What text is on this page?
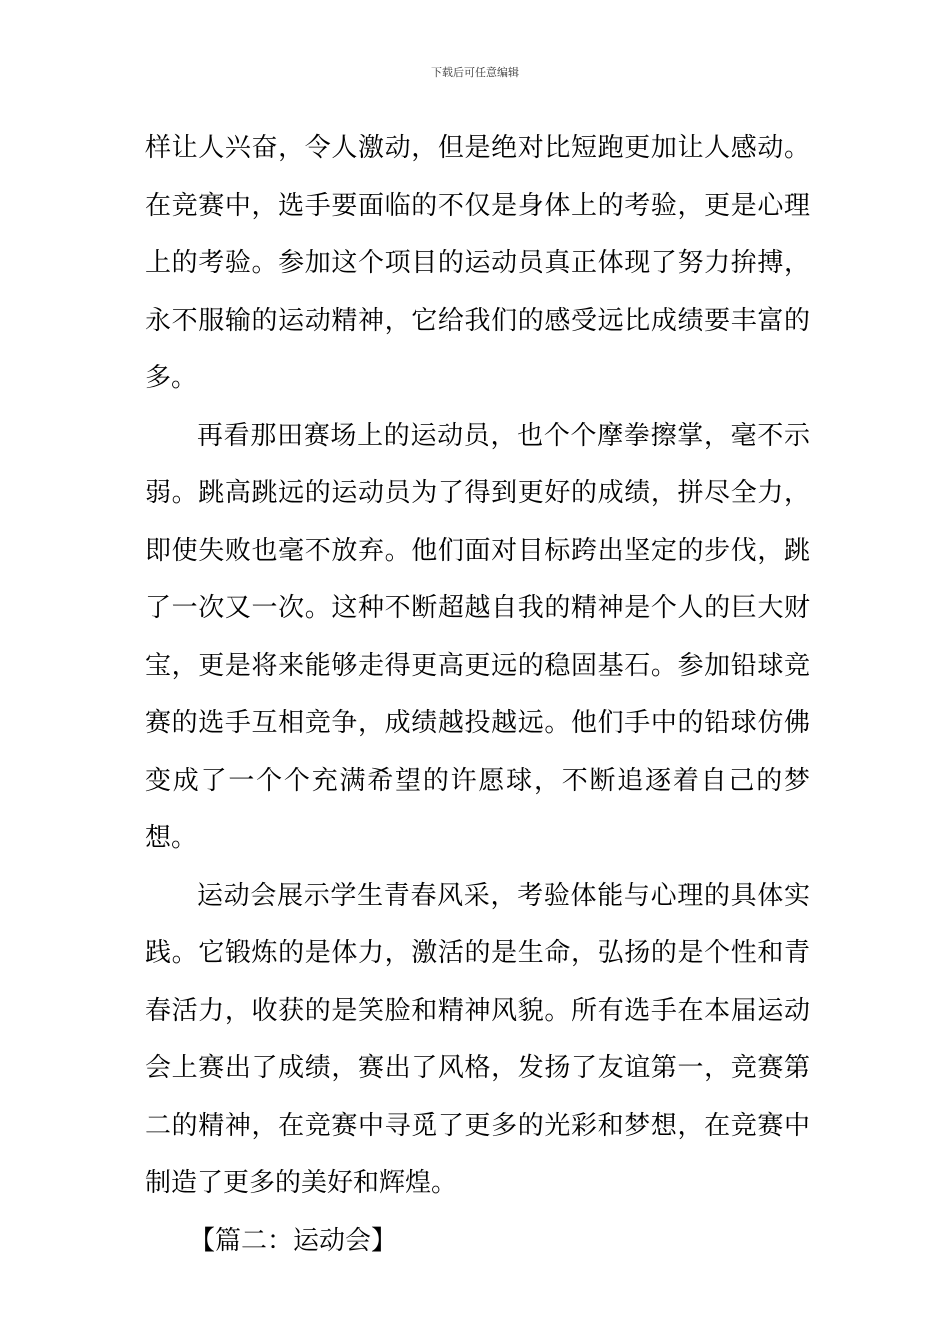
下载后可任意编辑

样让人兴奋，令人激动，但是绝对比短跑更加让人感动。在竞赛中，选手要面临的不仅是身体上的考验，更是心理上的考验。参加这个项目的运动员真正体现了努力拚搏，永不服输的运动精神，它给我们的感受远比成绩要丰富的多。

再看那田赛场上的运动员，也个个摩拳擦掌，毫不示弱。跳高跳远的运动员为了得到更好的成绩，拼尽全力，即使失败也毫不放弃。他们面对目标跨出坚定的步伐，跳了一次又一次。这种不断超越自我的精神是个人的巨大财宝，更是将来能够走得更高更远的稳固基石。参加铅球竞赛的选手互相竞争，成绩越投越远。他们手中的铅球仿佛变成了一个个充满希望的许愿球，不断追逐着自己的梦想。

运动会展示学生青春风采，考验体能与心理的具体实践。它锻炼的是体力，激活的是生命，弘扬的是个性和青春活力，收获的是笑脸和精神风貌。所有选手在本届运动会上赛出了成绩，赛出了风格，发扬了友谊第一，竞赛第二的精神，在竞赛中寻觅了更多的光彩和梦想，在竞赛中制造了更多的美好和辉煌。

【篇二：运动会】
